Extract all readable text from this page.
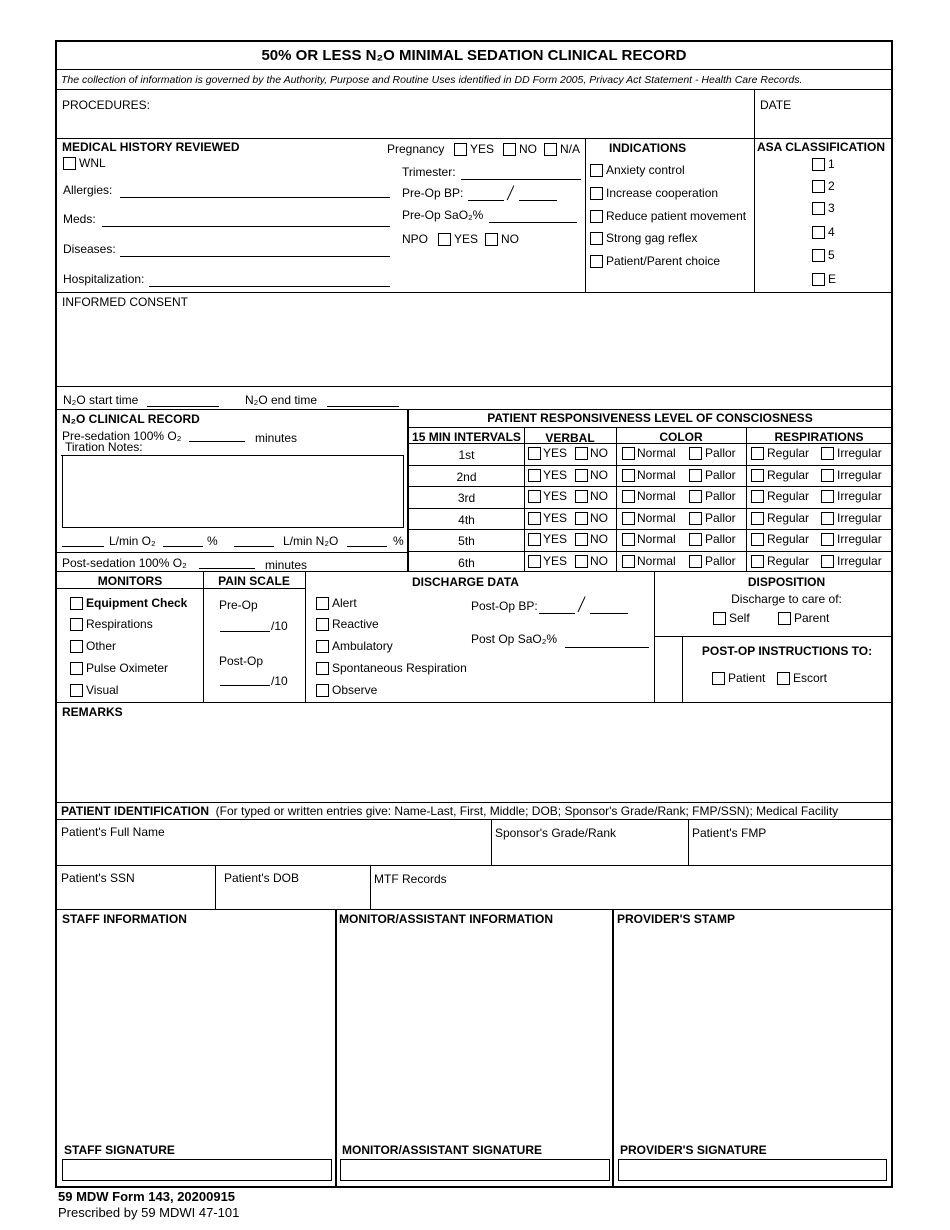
50% OR LESS N₂O MINIMAL SEDATION CLINICAL RECORD
The collection of information is governed by the Authority, Purpose and Routine Uses identified in DD Form 2005, Privacy Act Statement - Health Care Records.
PROCEDURES:	DATE
MEDICAL HISTORY REVIEWED
WNL
Allergies:
Meds:
Diseases:
Hospitalization:
Pregnancy YES NO N/A
Trimester:
Pre-Op BP:
Pre-Op SaO₂%
NPO YES NO
INDICATIONS
Anxiety control
Increase cooperation
Reduce patient movement
Strong gag reflex
Patient/Parent choice
ASA CLASSIFICATION
1
2
3
4
5
E
INFORMED CONSENT
N₂O start time	N₂O end time
N₂O CLINICAL RECORD
Pre-sedation 100% O₂	minutes
Tiration Notes:
L/min O₂	%	L/min N₂O	%
Post-sedation 100% O₂	minutes
PATIENT RESPONSIVENESS LEVEL OF CONSCIOSNESS
15 MIN INTERVALS	VERBAL	COLOR	RESPIRATIONS
MONITORS	PAIN SCALE
Equipment Check
Respirations
Other
Pulse Oximeter
Visual
Pre-Op
/10
Post-Op
/10
Alert
Reactive
Ambulatory
Spontaneous Respiration
Observe
DISCHARGE DATA
Post-Op BP:
Post Op SaO₂%
DISPOSITION
Discharge to care of:
Self	Parent
POST-OP INSTRUCTIONS TO:
Patient Escort
REMARKS
PATIENT IDENTIFICATION (For typed or written entries give: Name-Last, First, Middle; DOB; Sponsor's Grade/Rank; FMP/SSN); Medical Facility
Patient's Full Name	Sponsor's Grade/Rank	Patient's FMP
Patient's SSN	Patient's DOB	MTF Records
STAFF INFORMATION	MONITOR/ASSISTANT INFORMATION	PROVIDER'S STAMP
STAFF SIGNATURE	MONITOR/ASSISTANT SIGNATURE	PROVIDER'S SIGNATURE
1st	YES NO Normal Pallor	Regular Irregular
2nd	YES NO Normal Pallor	Regular Irregular
3rd	YES NO Normal Pallor	Regular Irregular
4th	YES NO Normal Pallor	Regular Irregular
5th	YES NO Normal Pallor	Regular Irregular
6th	YES NO Normal Pallor	Regular Irregular
59 MDW Form 143, 20200915
Prescribed by 59 MDWI 47-101
